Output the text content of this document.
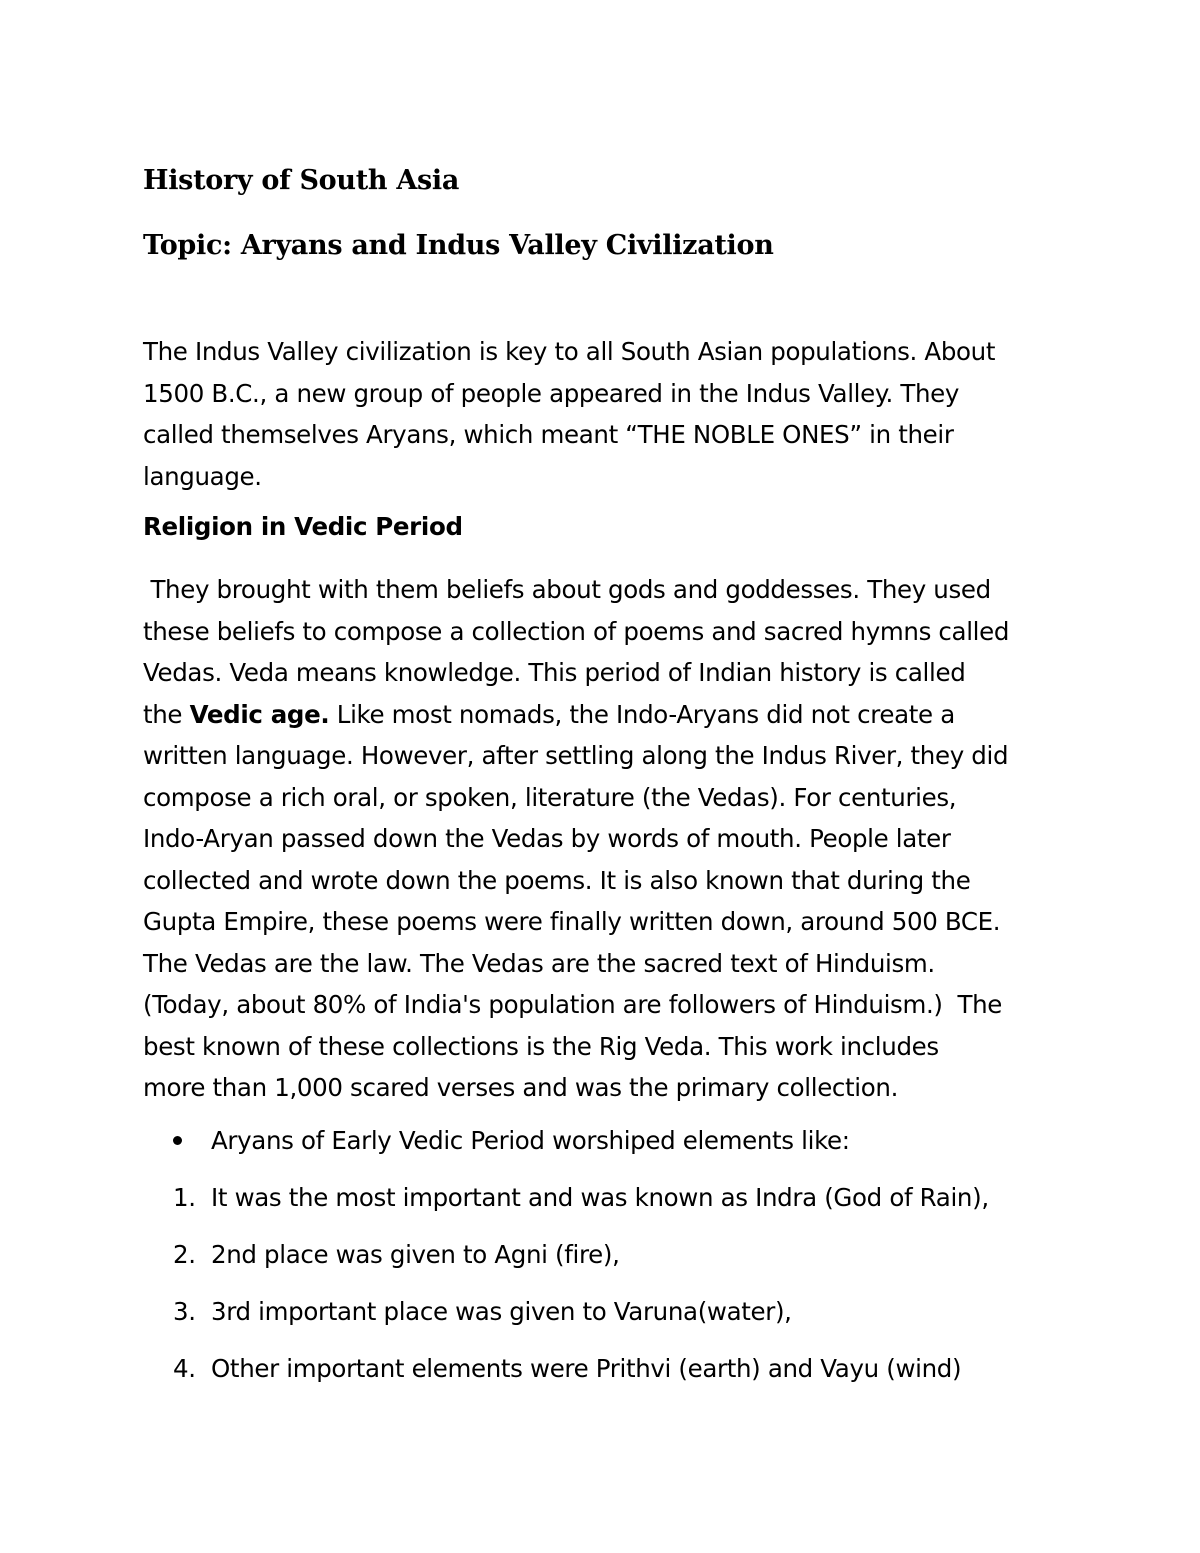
History of South Asia
Topic: Aryans and Indus Valley Civilization
The Indus Valley civilization is key to all South Asian populations. About
1500 B.C., a new group of people appeared in the Indus Valley. They
called themselves Aryans, which meant “THE NOBLE ONES” in their
language.
Religion in Vedic Period
They brought with them beliefs about gods and goddesses. They used
these beliefs to compose a collection of poems and sacred hymns called
Vedas. Veda means knowledge. This period of Indian history is called
the Vedic age. Like most nomads, the Indo-Aryans did not create a
written language. However, after settling along the Indus River, they did
compose a rich oral, or spoken, literature (the Vedas). For centuries,
Indo-Aryan passed down the Vedas by words of mouth. People later
collected and wrote down the poems. It is also known that during the
Gupta Empire, these poems were finally written down, around 500 BCE.
The Vedas are the law. The Vedas are the sacred text of Hinduism.
(Today, about 80% of India's population are followers of Hinduism.)  The
best known of these collections is the Rig Veda. This work includes
more than 1,000 scared verses and was the primary collection.
Aryans of Early Vedic Period worshiped elements like:
1. It was the most important and was known as Indra (God of Rain),
2. 2nd place was given to Agni (fire),
3. 3rd important place was given to Varuna(water),
4. Other important elements were Prithvi (earth) and Vayu (wind)
